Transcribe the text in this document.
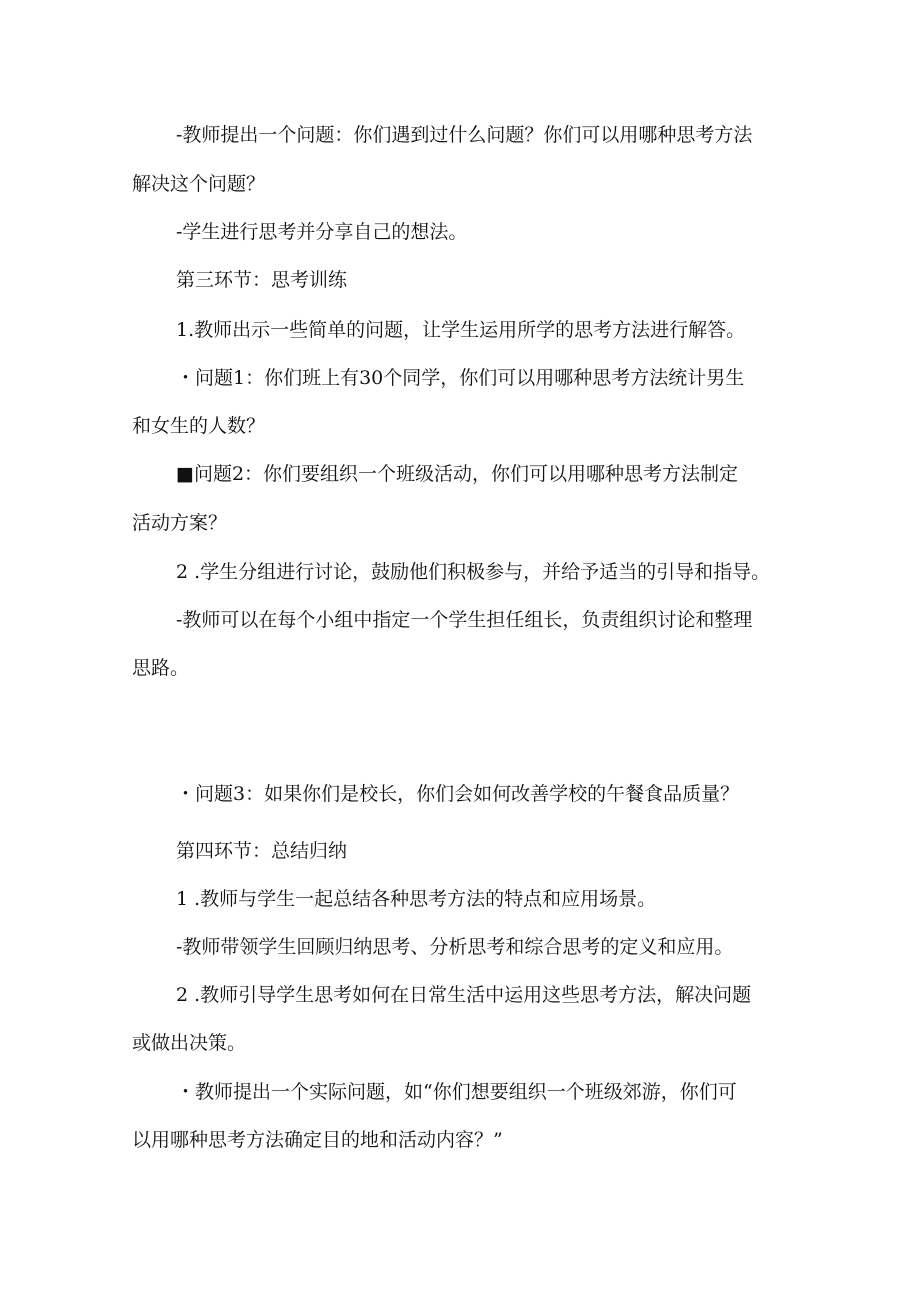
-教师提出一个问题：你们遇到过什么问题？你们可以用哪种思考方法
解决这个问题？
-学生进行思考并分享自己的想法。
第三环节：思考训练
1.教师出示一些简单的问题，让学生运用所学的思考方法进行解答。
・问题1：你们班上有30个同学，你们可以用哪种思考方法统计男生
和女生的人数？
■问题2：你们要组织一个班级活动，你们可以用哪种思考方法制定
活动方案？
2 .学生分组进行讨论，鼓励他们积极参与，并给予适当的引导和指导。
-教师可以在每个小组中指定一个学生担任组长，负责组织讨论和整理
思路。
・问题3：如果你们是校长，你们会如何改善学校的午餐食品质量？
第四环节：总结归纳
1 .教师与学生一起总结各种思考方法的特点和应用场景。
-教师带领学生回顾归纳思考、分析思考和综合思考的定义和应用。
2 .教师引导学生思考如何在日常生活中运用这些思考方法，解决问题
或做出决策。
・教师提出一个实际问题，如“你们想要组织一个班级郊游，你们可
以用哪种思考方法确定目的地和活动内容？”
